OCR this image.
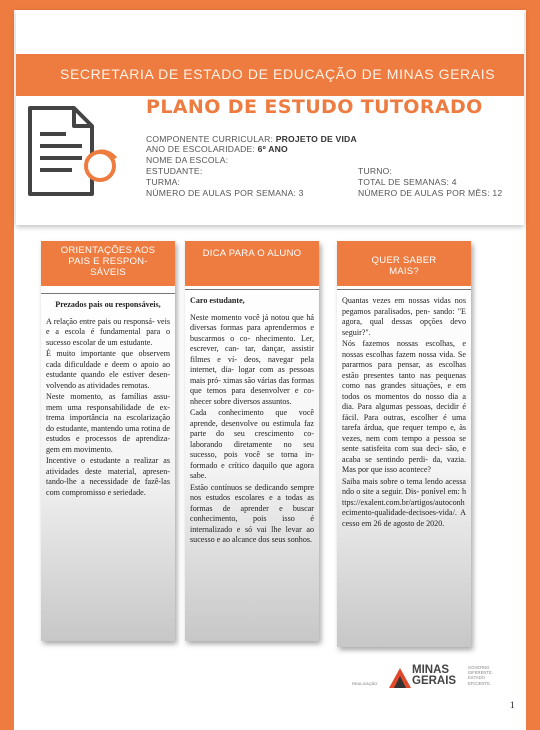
SECRETARIA DE ESTADO DE EDUCAÇÃO DE MINAS GERAIS
PLANO DE ESTUDO TUTORADO
COMPONENTE CURRICULAR: PROJETO DE VIDA
ANO DE ESCOLARIDADE: 6º ANO
NOME DA ESCOLA:
ESTUDANTE:
TURMA:
NÚMERO DE AULAS POR SEMANA: 3
TURNO:
TOTAL DE SEMANAS: 4
NÚMERO DE AULAS POR MÊS: 12
ORIENTAÇÕES AOS
PAIS E RESPON-
SÁVEIS

Prezados pais ou responsáveis,

A relação entre pais ou responsá- veis e a escola é fundamental para o sucesso escolar de um estudante.

É muito importante que observem cada dificuldade e deem o apoio ao estudante quando ele estiver desen- volvendo as atividades remotas.

Neste momento, as famílias assu- mem uma responsabilidade de ex- trema importância na escolarização do estudante, mantendo uma rotina de estudos e processos de aprendiza- gem em movimento.

Incentive o estudante a realizar as atividades deste material, apresen- tando-lhe a necessidade de fazê-las com compromisso e seriedade.

DICA PARA O ALUNO

Caro estudante,

Neste momento você já notou que há diversas formas para aprendermos e buscarmos o co- nhecimento. Ler, escrever, can- tar, dançar, assistir filmes e ví- deos, navegar pela internet, dia- logar com as pessoas mais pró- ximas são várias das formas que temos para desenvolver e co- nhecer sobre diversos assuntos.

Cada conhecimento que você aprende, desenvolve ou estimula faz parte do seu crescimento co- laborando diretamente no seu sucesso, pois você se torna in- formado e crítico daquilo que agora sabe.

Estão contínuos se dedicando sempre nos estudos escolares e a todas as formas de aprender e buscar conhecimento, pois isso é internalizado e só vai lhe levar ao sucesso e ao alcance dos seus sonhos.

QUER SABER
MAIS?

Quantas vezes em nossas vidas nos pegamos paralisados, pen- sando: "E agora, qual dessas opções devo seguir?".

Nós fazemos nossas escolhas, e nossas escolhas fazem nossa vida. Se pararmos para pensar, as escolhas estão presentes tanto nas pequenas como nas grandes situações, e em todos os momentos do nosso dia a dia. Para algumas pessoas, decidir é fácil. Para outras, escolher é uma tarefa árdua, que requer tempo e, às vezes, nem com tempo a pessoa se sente satisfeita com sua deci- são, e acaba se sentindo perdi- da, vazia. Mas por que isso acontece?

Saiba mais sobre o tema lendo acessando o site a seguir. Dis- ponível em: https://exalent.com.br/artigos/autoconhecimento-qualidade-decisoes-vida/. Acesso em 26 de agosto de 2020.

REALIZAÇÃO
MINAS
GERAIS
GOVERNO
DIFERENTE.
ESTADO
EFICIENTE.
1
